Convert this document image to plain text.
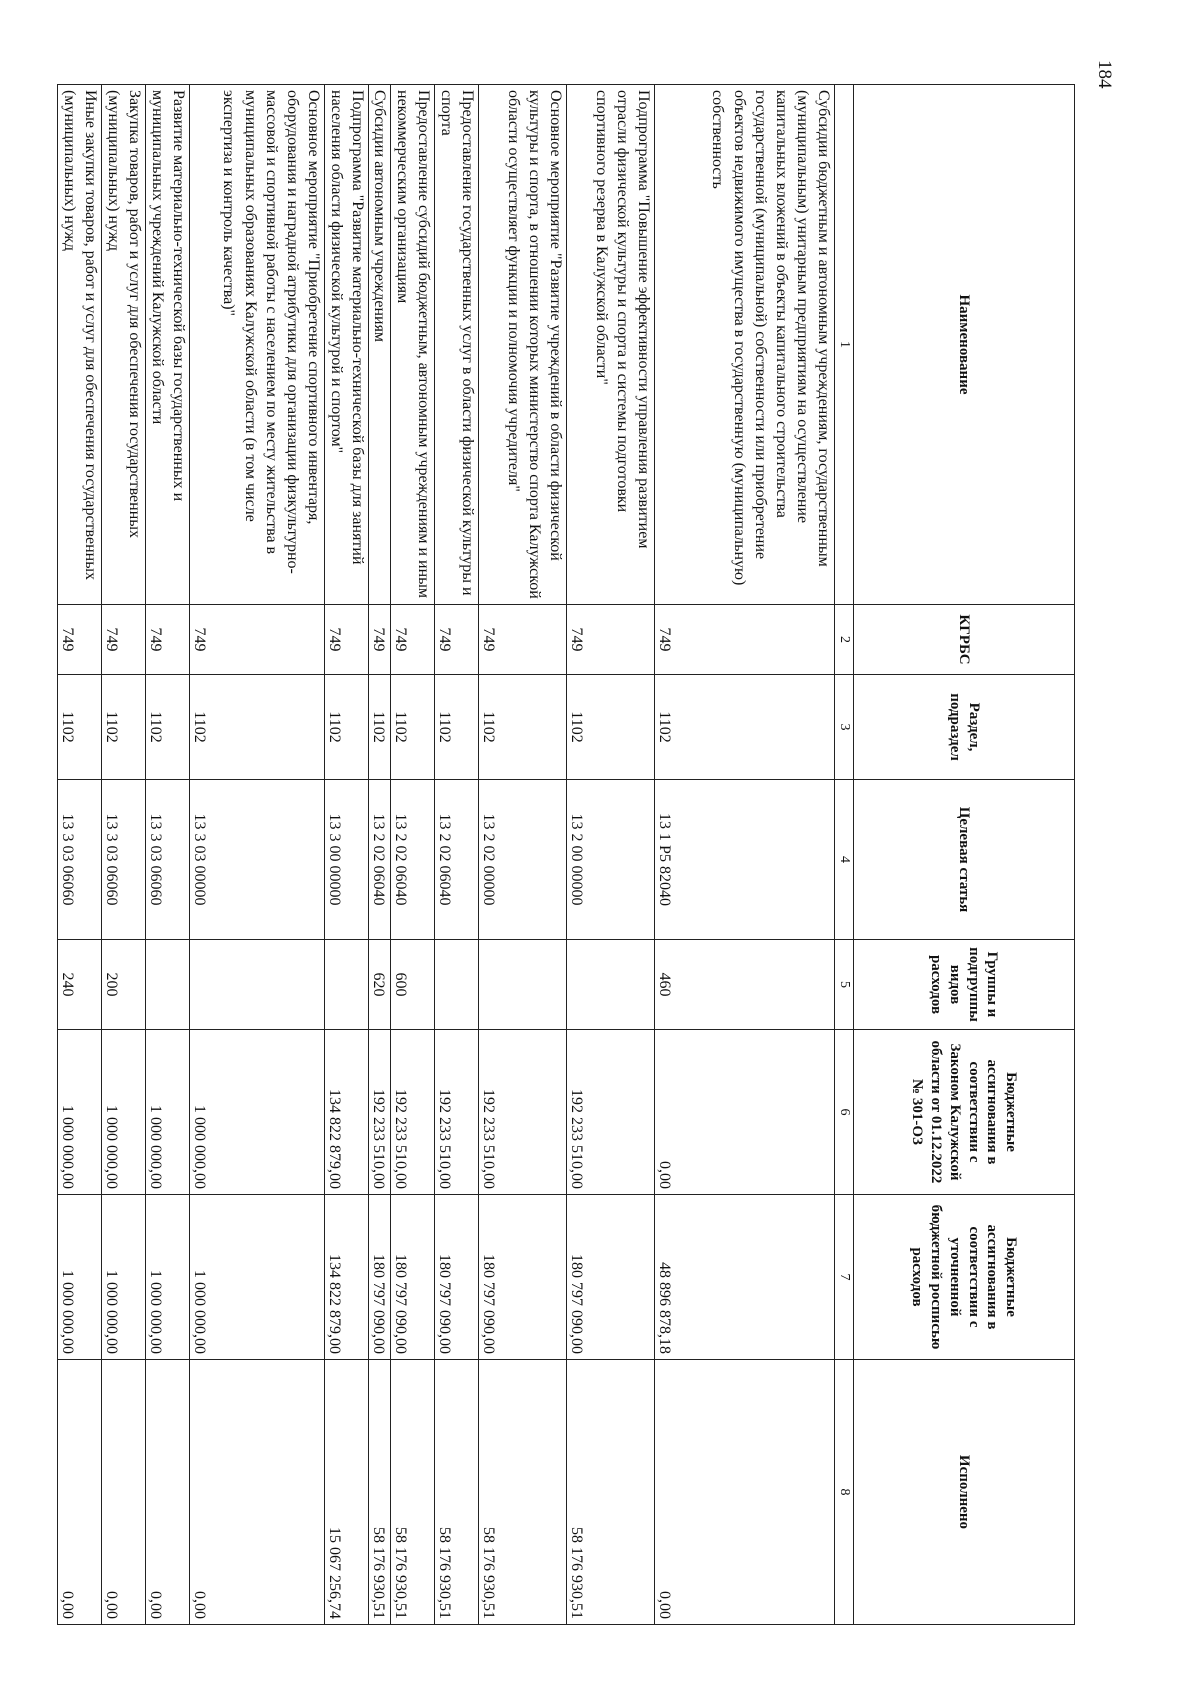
184
Наименование	КГРБС	Раздел, подраздел	Целевая статья	Группы и подгруппы видов расходов	Бюджетные ассигнования в соответствии с Законом Калужской области от 01.12.2022 № 301-ОЗ	Бюджетные ассигнования в соответствии с уточненной бюджетной росписью расходов	Исполнено
1	2	3	4	5	6	7	8
Субсидии бюджетным и автономным учреждениям, государственным (муниципальным) унитарным предприятиям на осуществление капитальных вложений в объекты капитального строительства государственной (муниципальной) собственности или приобретение объектов недвижимого имущества в государственную (муниципальную) собственность	749	1102	13 1 P5 82040	460	0,00	48 896 878,18	0,00
Подпрограмма "Повышение эффективности управления развитием отрасли физической культуры и спорта и системы подготовки спортивного резерва в Калужской области"	749	1102	13 2 00 00000		192 233 510,00	180 797 090,00	58 176 930,51
Основное мероприятие "Развитие учреждений в области физической культуры и спорта, в отношении которых министерство спорта Калужской области осуществляет функции и полномочия учредителя"	749	1102	13 2 02 00000		192 233 510,00	180 797 090,00	58 176 930,51
Предоставление государственных услуг в области физической культуры и спорта	749	1102	13 2 02 06040		192 233 510,00	180 797 090,00	58 176 930,51
Предоставление субсидий бюджетным, автономным учреждениям и иным некоммерческим организациям	749	1102	13 2 02 06040	600	192 233 510,00	180 797 090,00	58 176 930,51
Субсидии автономным учреждениям	749	1102	13 2 02 06040	620	192 233 510,00	180 797 090,00	58 176 930,51
Подпрограмма "Развитие материально-технической базы для занятий населения области физической культурой и спортом"	749	1102	13 3 00 00000		134 822 879,00	134 822 879,00	15 067 256,74
Основное мероприятие "Приобретение спортивного инвентаря, оборудования и наградной атрибутики для организации физкультурно-массовой и спортивной работы с населением по месту жительства в муниципальных образованиях Калужской области (в том числе экспертиза и контроль качества)"	749	1102	13 3 03 00000		1 000 000,00	1 000 000,00	0,00
Развитие материально-технической базы государственных и муниципальных учреждений Калужской области	749	1102	13 3 03 06060		1 000 000,00	1 000 000,00	0,00
Закупка товаров, работ и услуг для обеспечения государственных (муниципальных) нужд	749	1102	13 3 03 06060	200	1 000 000,00	1 000 000,00	0,00
Иные закупки товаров, работ и услуг для обеспечения государственных (муниципальных) нужд	749	1102	13 3 03 06060	240	1 000 000,00	1 000 000,00	0,00
